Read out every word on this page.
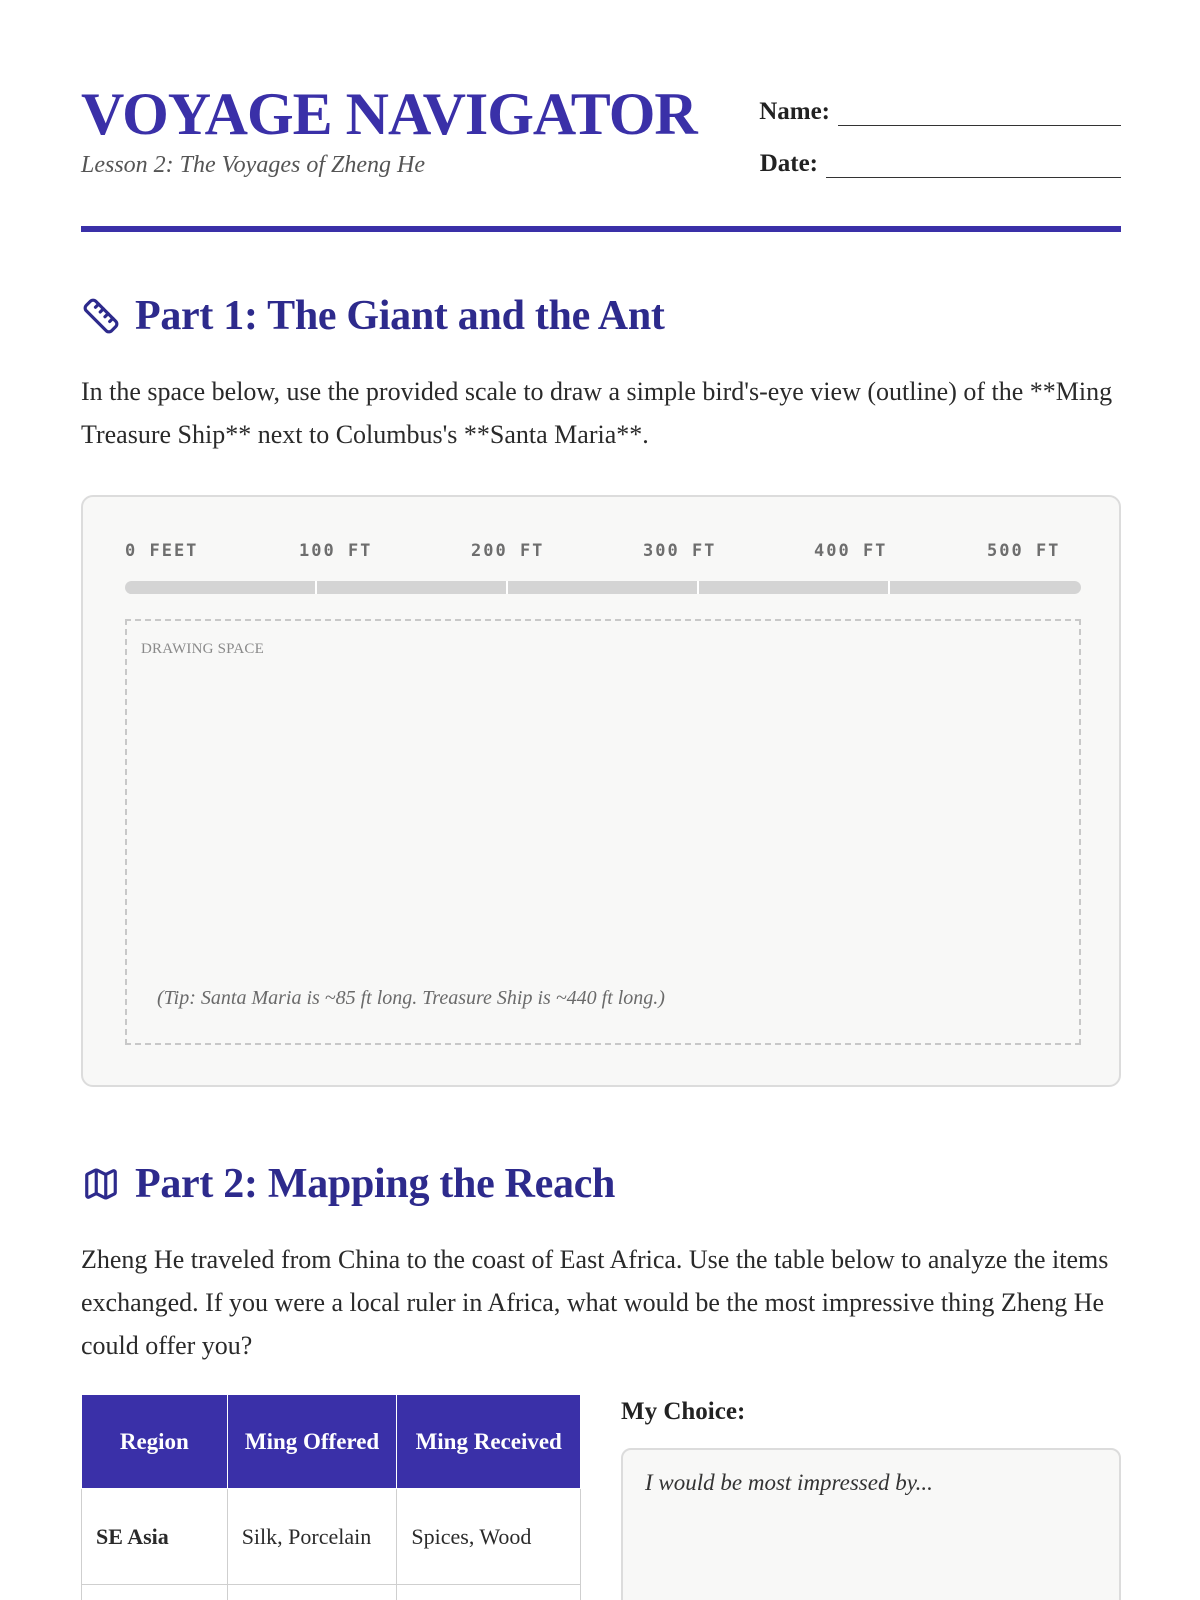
VOYAGE NAVIGATOR
Lesson 2: The Voyages of Zheng He
Name:
Date:
Part 1: The Giant and the Ant

In the space below, use the provided scale to draw a simple bird's-eye view (outline) of the **Ming Treasure Ship** next to Columbus's **Santa Maria**.

0 FEET	100 FT	200 FT	300 FT	400 FT	500 FT
DRAWING SPACE
(Tip: Santa Maria is ~85 ft long. Treasure Ship is ~440 ft long.)
Part 2: Mapping the Reach

Zheng He traveled from China to the coast of East Africa. Use the table below to analyze the items exchanged. If you were a local ruler in Africa, what would be the most impressive thing Zheng He could offer you?

Region	Ming Offered	Ming Received
SE Asia	Silk, Porcelain	Spices, Wood

My Choice:
I would be most impressed by...
